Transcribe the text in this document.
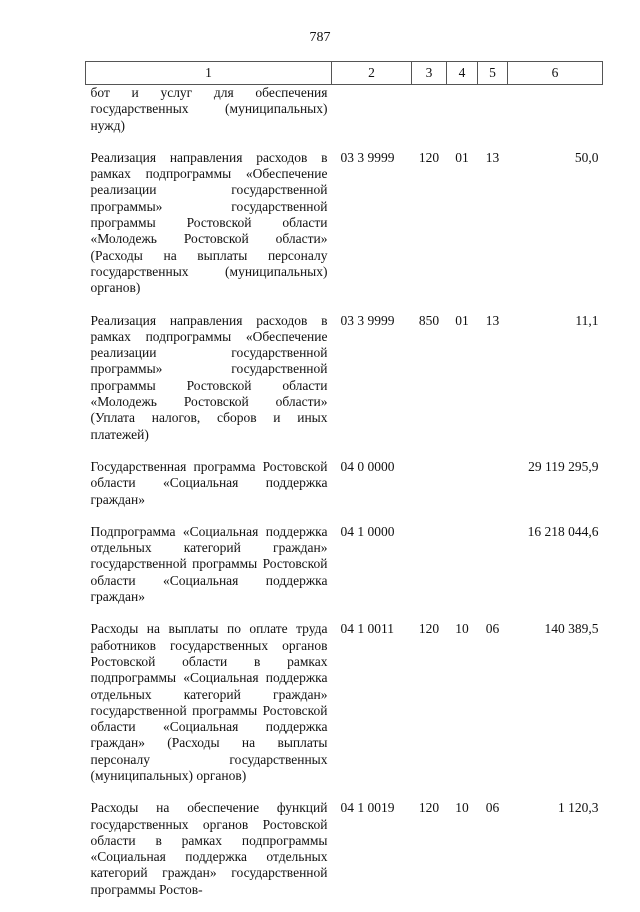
787
1	2	3	4	5	6
бот и услуг для обеспечения государственных (муниципальных) нужд)					
Реализация направления расходов в рамках подпрограммы «Обеспечение реализации государственной программы» государственной программы Ростовской области «Молодежь Ростовской области» (Расходы на выплаты персоналу государственных (муниципальных) органов)	03 3 9999	120	01	13	50,0
Реализация направления расходов в рамках подпрограммы «Обеспечение реализации государственной программы» государственной программы Ростовской области «Молодежь Ростовской области» (Уплата налогов, сборов и иных платежей)	03 3 9999	850	01	13	11,1
Государственная программа Ростовской области «Социальная поддержка граждан»	04 0 0000				29 119 295,9
Подпрограмма «Социальная поддержка отдельных категорий граждан» государственной программы Ростовской области «Социальная поддержка граждан»	04 1 0000				16 218 044,6
Расходы на выплаты по оплате труда работников государственных органов Ростовской области в рамках подпрограммы «Социальная поддержка отдельных категорий граждан» государственной программы Ростовской области «Социальная поддержка граждан» (Расходы на выплаты персоналу государственных (муниципальных) органов)	04 1 0011	120	10	06	140 389,5
Расходы на обеспечение функций государственных органов Ростовской области в рамках подпрограммы «Социальная поддержка отдельных категорий граждан» государственной программы Ростов-	04 1 0019	120	10	06	1 120,3
